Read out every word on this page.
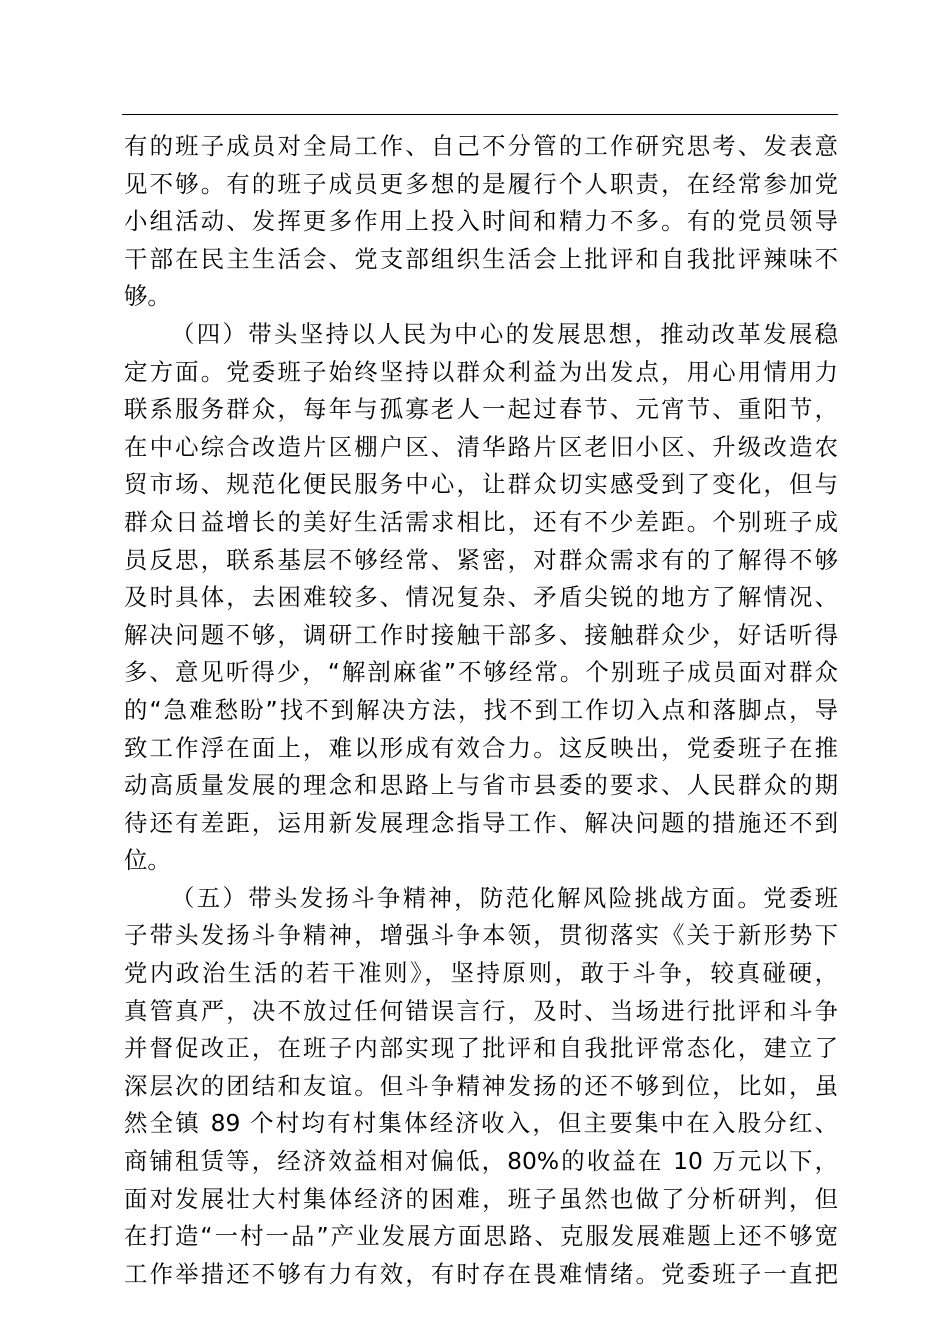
有的班子成员对全局工作、自己不分管的工作研究思考、发表意
见不够。有的班子成员更多想的是履行个人职责，在经常参加党
小组活动、发挥更多作用上投入时间和精力不多。有的党员领导
干部在民主生活会、党支部组织生活会上批评和自我批评辣味不
够。
（四）带头坚持以人民为中心的发展思想，推动改革发展稳
定方面。党委班子始终坚持以群众利益为出发点，用心用情用力
联系服务群众，每年与孤寡老人一起过春节、元宵节、重阳节，
在中心综合改造片区棚户区、清华路片区老旧小区、升级改造农
贸市场、规范化便民服务中心，让群众切实感受到了变化，但与
群众日益增长的美好生活需求相比，还有不少差距。个别班子成
员反思，联系基层不够经常、紧密，对群众需求有的了解得不够
及时具体，去困难较多、情况复杂、矛盾尖锐的地方了解情况、
解决问题不够，调研工作时接触干部多、接触群众少，好话听得
多、意见听得少，“解剖麻雀”不够经常。个别班子成员面对群众
的“急难愁盼”找不到解决方法，找不到工作切入点和落脚点，导
致工作浮在面上，难以形成有效合力。这反映出，党委班子在推
动高质量发展的理念和思路上与省市县委的要求、人民群众的期
待还有差距，运用新发展理念指导工作、解决问题的措施还不到
位。
（五）带头发扬斗争精神，防范化解风险挑战方面。党委班
子带头发扬斗争精神，增强斗争本领，贯彻落实《关于新形势下
党内政治生活的若干准则》，坚持原则，敢于斗争，较真碰硬，
真管真严，决不放过任何错误言行，及时、当场进行批评和斗争
并督促改正，在班子内部实现了批评和自我批评常态化，建立了
深层次的团结和友谊。但斗争精神发扬的还不够到位，比如，虽
然全镇 89 个村均有村集体经济收入，但主要集中在入股分红、
商铺租赁等，经济效益相对偏低，80%的收益在 10 万元以下，
面对发展壮大村集体经济的困难，班子虽然也做了分析研判，但
在打造“一村一品”产业发展方面思路、克服发展难题上还不够宽
工作举措还不够有力有效，有时存在畏难情绪。党委班子一直把
